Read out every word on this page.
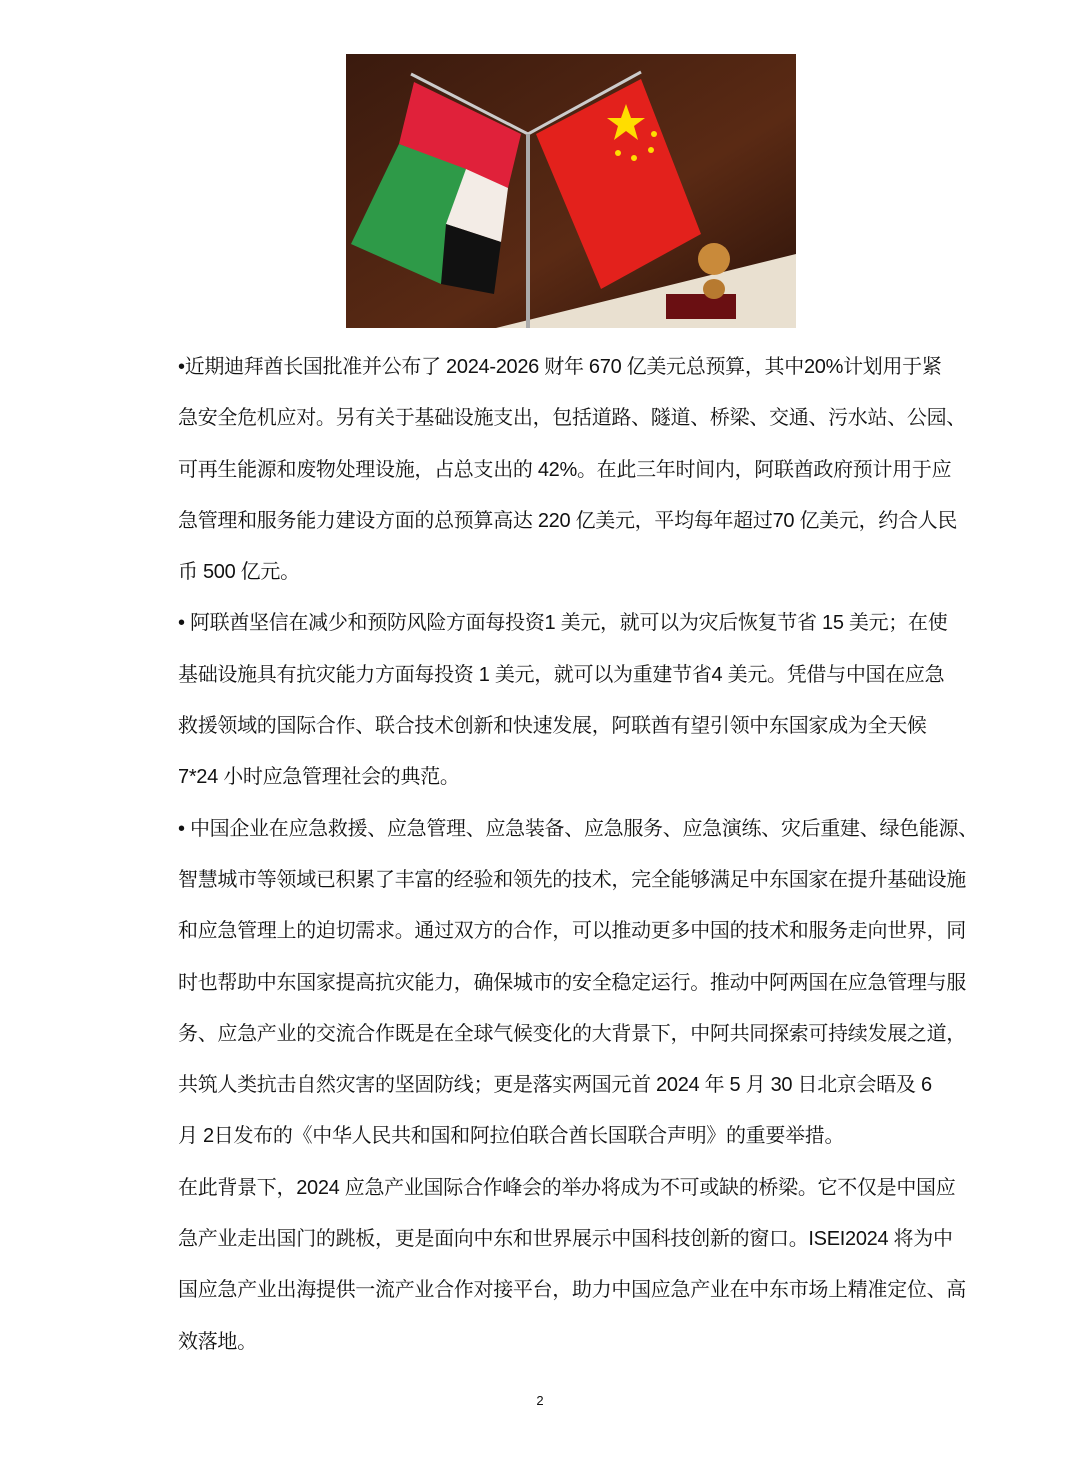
•近期迪拜酋长国批准并公布了 2024-2026 财年 670 亿美元总预算，其中20%计划用于紧
急安全危机应对。另有关于基础设施支出，包括道路、隧道、桥梁、交通、污水站、公园、
可再生能源和废物处理设施，占总支出的 42%。在此三年时间内，阿联酋政府预计用于应
急管理和服务能力建设方面的总预算高达 220 亿美元，平均每年超过70 亿美元，约合人民
币 500 亿元。
• 阿联酋坚信在减少和预防风险方面每投资1 美元，就可以为灾后恢复节省 15 美元；在使
基础设施具有抗灾能力方面每投资 1 美元，就可以为重建节省4 美元。凭借与中国在应急
救援领域的国际合作、联合技术创新和快速发展，阿联酋有望引领中东国家成为全天候
7*24 小时应急管理社会的典范。
• 中国企业在应急救援、应急管理、应急装备、应急服务、应急演练、灾后重建、绿色能源、
智慧城市等领域已积累了丰富的经验和领先的技术，完全能够满足中东国家在提升基础设施
和应急管理上的迫切需求。通过双方的合作，可以推动更多中国的技术和服务走向世界，同
时也帮助中东国家提高抗灾能力，确保城市的安全稳定运行。推动中阿两国在应急管理与服
务、应急产业的交流合作既是在全球气候变化的大背景下，中阿共同探索可持续发展之道，
共筑人类抗击自然灾害的坚固防线；更是落实两国元首 2024 年 5 月 30 日北京会晤及 6
月 2日发布的《中华人民共和国和阿拉伯联合酋长国联合声明》的重要举措。
在此背景下，2024 应急产业国际合作峰会的举办将成为不可或缺的桥梁。它不仅是中国应
急产业走出国门的跳板，更是面向中东和世界展示中国科技创新的窗口。ISEI2024 将为中
国应急产业出海提供一流产业合作对接平台，助力中国应急产业在中东市场上精准定位、高
效落地。
2
